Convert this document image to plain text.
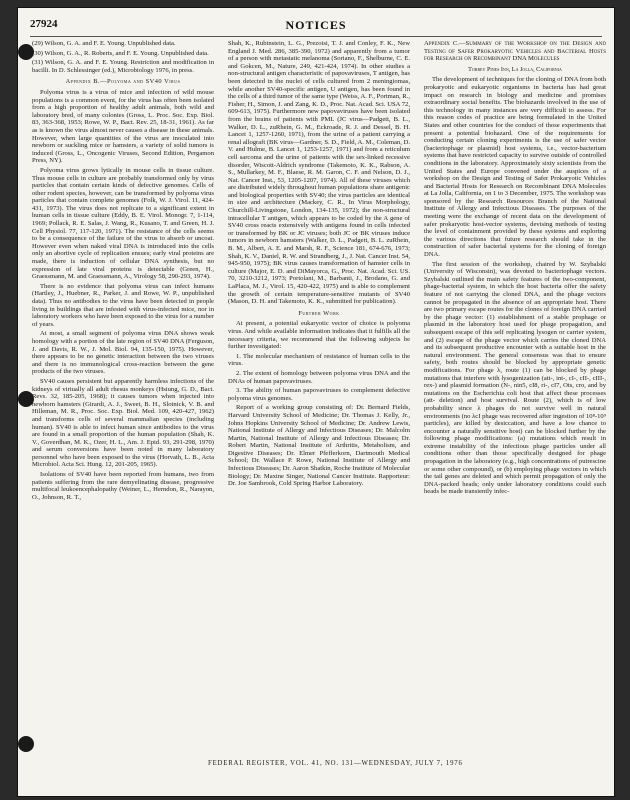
27924	NOTICES

(29) Wilson, G. A. and F. E. Young. Unpublished data.

(30) Wilson, G. A., R. Roberts, and F. E. Young. Unpublished data.

(31) Wilson, G. A. and F. E. Young. Restriction and modification in bacilli. In D. Schlessinger (ed.), Microbiology 1976, in press.

Appendix B.—Polyoma and SV40 Virus

Polyoma virus is a virus of mice and infection of wild mouse populations is a common event, for the virus has often been isolated from a high proportion of healthy adult animals, both wild and laboratory bred, of many colonies (Gross, L. Proc. Soc. Exp. Biol. 83, 363-368, 1953; Rowe, W. P., Bact. Rev. 25, 18-31, 1961). As far as is known the virus almost never causes a disease in these animals. However, when large quantities of the virus are inoculated into newborn or suckling mice or hamsters, a variety of solid tumors is induced (Gross, L., Oncogenic Viruses, Second Edition, Pergamon Press, NY).

Polyoma virus grows lytically in mouse cells in tissue culture. Thus mouse cells in culture are probably transformed only by virus particles that contain certain kinds of defective genomes. Cells of other rodent species, however, can be transformed by polyoma virus particles that contain complete genomes (Folk, W. J. Virol. 11, 424-431, 1973). The virus does not replicate to a significant extent in human cells in tissue culture (Eddy, B. E. Virol. Monogr. 7, 1-114, 1969; Pollack, R. E. Salas, J. Wang, R., Kusano, T. and Green, H. J. Cell Physiol. 77, 117-120, 1971). The resistance of the cells seems to be a consequence of the failure of the virus to absorb or uncoat. However even when naked viral DNA is introduced into the cells only an abortive cycle of replication ensues; early viral proteins are made, there is induction of cellular DNA synthesis, but no expression of late viral proteins is detectable (Green, H., Graessmann, M. and Graessmann, A., Virology 58, 290-293, 1974).

There is no evidence that polyoma virus can infect humans (Hartley, J., Huebner, R., Parker, J. and Rowe, W. P., unpublished data). Thus no antibodies to the virus have been detected in people living in buildings that are infested with virus-infected mice, nor in laboratory workers who have been exposed to the virus for a number of years.

At most, a small segment of polyoma virus DNA shows weak homology with a portion of the late region of SV40 DNA (Ferguson, J. and Davis, R. W., J. Mol. Biol. 94, 135-150, 1975). However, there appears to be no genetic interaction between the two viruses and there is no immunological cross-reaction between the gene products of the two viruses.

SV40 causes persistent but apparently harmless infections of the kidneys of virtually all adult rhesus monkeys (Hsiung, G. D., Bact. Revs. 32, 185-205, 1968); it causes tumors when injected into newborn hamsters (Girardi, A. J., Sweet, B. H., Slotnick, V. B. and Hilleman, M. R., Proc. Soc. Exp. Biol. Med. 109, 420-427, 1962) and transforms cells of several mammalian species (including human). SV40 is able to infect human since antibodies to the virus are found in a small proportion of the human population (Shah, K. V., Goverdhan, M. K., Ozer, H. L., Am. J. Epid. 93, 291-298, 1970) and serum conversions have been noted in many laboratory personnel who have been exposed to the virus (Horvath, L. B., Acta Microbiol. Acta Sci. Hung. 12, 201-205, 1965).

Isolations of SV40 have been reported from humans, two from patients suffering from the rare demyelinating disease, progressive multifocal leukoencephalopathy (Weiner, L., Herndon, R., Narayon, O., Johnson, R. T.,

Shah, K., Rubinstein, L. G., Prezoisi, T. J. and Conley, F. K., New England J. Med. 286, 385-390, 1972) and apparently from a tumor of a person with metastatic melanoma (Soriano, F., Shelburne, C. E. and Gokcen, M., Nature, 249, 421-424, 1974). In other studies a non-structural antigen characteristic of papovaviruses, T antigen, has been detected in the nuclei of cells cultured from 2 meningiomas, while another SV40-specific antigen, U antigen, has been found in the cells of a third tumor of the same type (Weiss, A. F., Portman, R., Fisher, H., Simon, J. and Zang, K. D., Proc. Nat. Acad. Sci. USA 72, 609-613, 1975). Furthermore new papovaviruses have been isolated from the brains of patients with PML (JC virus—Padgett, B. L., Walker, D. L., zuRhein, G. M., Eckroade, R. J. and Dessel, B. H. Lancet 1, 1257-1260, 1971), from the urine of a patient carrying a renal allograft (BK virus—Gardner, S. D., Field, A. M., Coleman, D. V. and Hulme, B. Lancet 1, 1253-1257, 1971) and from a reticulum cell sarcoma and the urine of patients with the sex-linked recessive disorder, Wiscott-Aldrich syndrome (Takemoto, K. K., Rabson, A. S., Mullarkey, M. F., Blaese, R. M. Garon, C. F. and Nelson, D. J., Nat. Cancer Inst., 53, 1205-1207, 1974). All of these viruses which are distributed widely throughout human populations share antigenic and biological properties with SV40; the virus particles are identical in size and architecture (Mackey, C. R., In Virus Morphology, Churchill-Livingstone, London, 134-135, 1972); the non-structural intracellular T antigen, which appears to be coded by the A gene of SV40 cross reacts extensively with antigens found in cells infected or transformed by BK or JC viruses; both JC or BK viruses induce tumors in newborn hamsters (Walker, D. L., Padgett, B. L. zuRhein, B. M., Albert, A. E. and Marsh, R. F., Science 181, 674-676, 1973; Shah, K. V., Daniel, R. W. and Strandberg, J., J. Nat. Cancer Inst. 54, 945-950, 1975); BK virus causes transformation of hamster cells in culture (Major, E. D. and DiMayorca, G., Proc. Nat. Acad. Sci. US. 70, 3210-3212, 1973; Portolani, M., Barbanti, J., Brodano, G. and LaPlaca, M. J., Virol. 15, 420-422, 1975) and is able to complement the growth of certain temperature-sensitive mutants of SV40 (Mason, D. H. and Takemoto, K. K., submitted for publication).

Further Work

At present, a potential eukaryotic vector of choice is polyoma virus. And while available information indicates that it fulfills all the necessary criteria, we recommend that the following subjects be further investigated:

1. The molecular mechanism of resistance of human cells to the virus.

2. The extent of homology between polyoma virus DNA and the DNAs of human papovaviruses.

3. The ability of human papovaviruses to complement defective polyoma virus genomes.

Report of a working group consisting of: Dr. Bernard Fields, Harvard University School of Medicine; Dr. Thomas J. Kelly, Jr., Johns Hopkins University School of Medicine; Dr. Andrew Lewis, National Institute of Allergy and Infectious Diseases; Dr. Malcolm Martin, National Institute of Allergy and Infectious Diseases; Dr. Robert Martin, National Institute of Arthritis, Metabolism, and Digestive Diseases; Dr. Elmer Pfefferkorn, Dartmouth Medical School; Dr. Wallace P. Rowe, National Institute of Allergy and Infectious Diseases; Dr. Aaron Shatkin, Roche Institute of Molecular Biology; Dr. Maxine Singer, National Cancer Institute. Rapporteur: Dr. Joe Sambrook, Cold Spring Harbor Laboratory.

Appendix C.—Summary of the Workshop on the Design and Testing of Safer Prokaryotic Vehicles and Bacterial Hosts for Research on Recombinant DNA Molecules
Torrey Pines Inn, La Jolla, California

The development of techniques for the cloning of DNA from both prokaryotic and eukaryotic organisms in bacteria has had great impact on research in biology and medicine and promises extraordinary social benefits. The biohazards involved in the use of this technology in many instances are very difficult to assess. For this reason codes of practice are being formulated in the United States and other countries for the conduct of those experiments that present a potential biohazard. One of the requirements for conducting certain cloning experiments is the use of safer vector (bacteriophage or plasmid) host systems, i.e., vector-bacterium systems that have restricted capacity to survive outside of controlled conditions in the laboratory. Approximately sixty scientists from the United States and Europe convened under the auspices of a workshop on the Design and Testing of Safer Prokaryotic Vehicles and Bacterial Hosts for Research on Recombinant DNA Molecules at La Jolla, California, on 1 to 3 December, 1975. The workshop was sponsored by the Research Resources Branch of the National Institute of Allergy and Infectious Diseases. The purposes of the meeting were the exchange of recent data on the development of safer prokaryotic host-vector systems, devising methods of testing the level of containment provided by these systems and exploring the various directions that future research should take in the construction of safer bacterial systems for the cloning of foreign DNA.

The first session of the workshop, chaired by W. Szybalski (University of Wisconsin), was devoted to bacteriophage vectors. Szybalski outlined the main safety features of the two-component, phage-bacterial system, in which the host bacteria offer the safety feature of not carrying the cloned DNA, and the phage vectors cannot be propagated in the absence of an appropriate host. There are two primary escape routes for the clones of foreign DNA carried by the phage vector: (1) establishment of a stable prophage or plasmid in the laboratory host used for phage propagation, and subsequent escape of this self replicating lysogen or carrier system, and (2) escape of the phage vector which carries the cloned DNA and its subsequent productive encounter with a suitable host in the natural environment. The general consensus was that to ensure safety, both routes should be blocked by appropriate genetic modifications. For phage λ, route (1) can be blocked by phage mutations that interfere with lysogenization (att-, int-, cI-, cII-, cIII-, rex-) and plasmid formation (N-, nin5, cI8, ri-, cI7, Ots, cro, and by mutations on the Escherichia coli host that affect these processes (att- deletion) and host survival. Route (2), which is of low probability since λ phages do not survive well in natural environments (no λcI phage was recovered after ingestion of 10⁸-10⁹ particles), are killed by desiccation, and have a low chance to encounter a naturally sensitive host) can be blocked further by the following phage modifications: (a) mutations which result in extreme instability of the infectious phage particles under all conditions other than those specifically designed for phage propagation in the laboratory (e.g., high concentrations of putrescine or some other compound), or (b) employing phage vectors in which the tail genes are deleted and which permit propagation of only the DNA-packed heads; only under laboratory conditions could such heads be made transiently infec-

FEDERAL REGISTER, VOL. 41, NO. 131—WEDNESDAY, JULY 7, 1976
